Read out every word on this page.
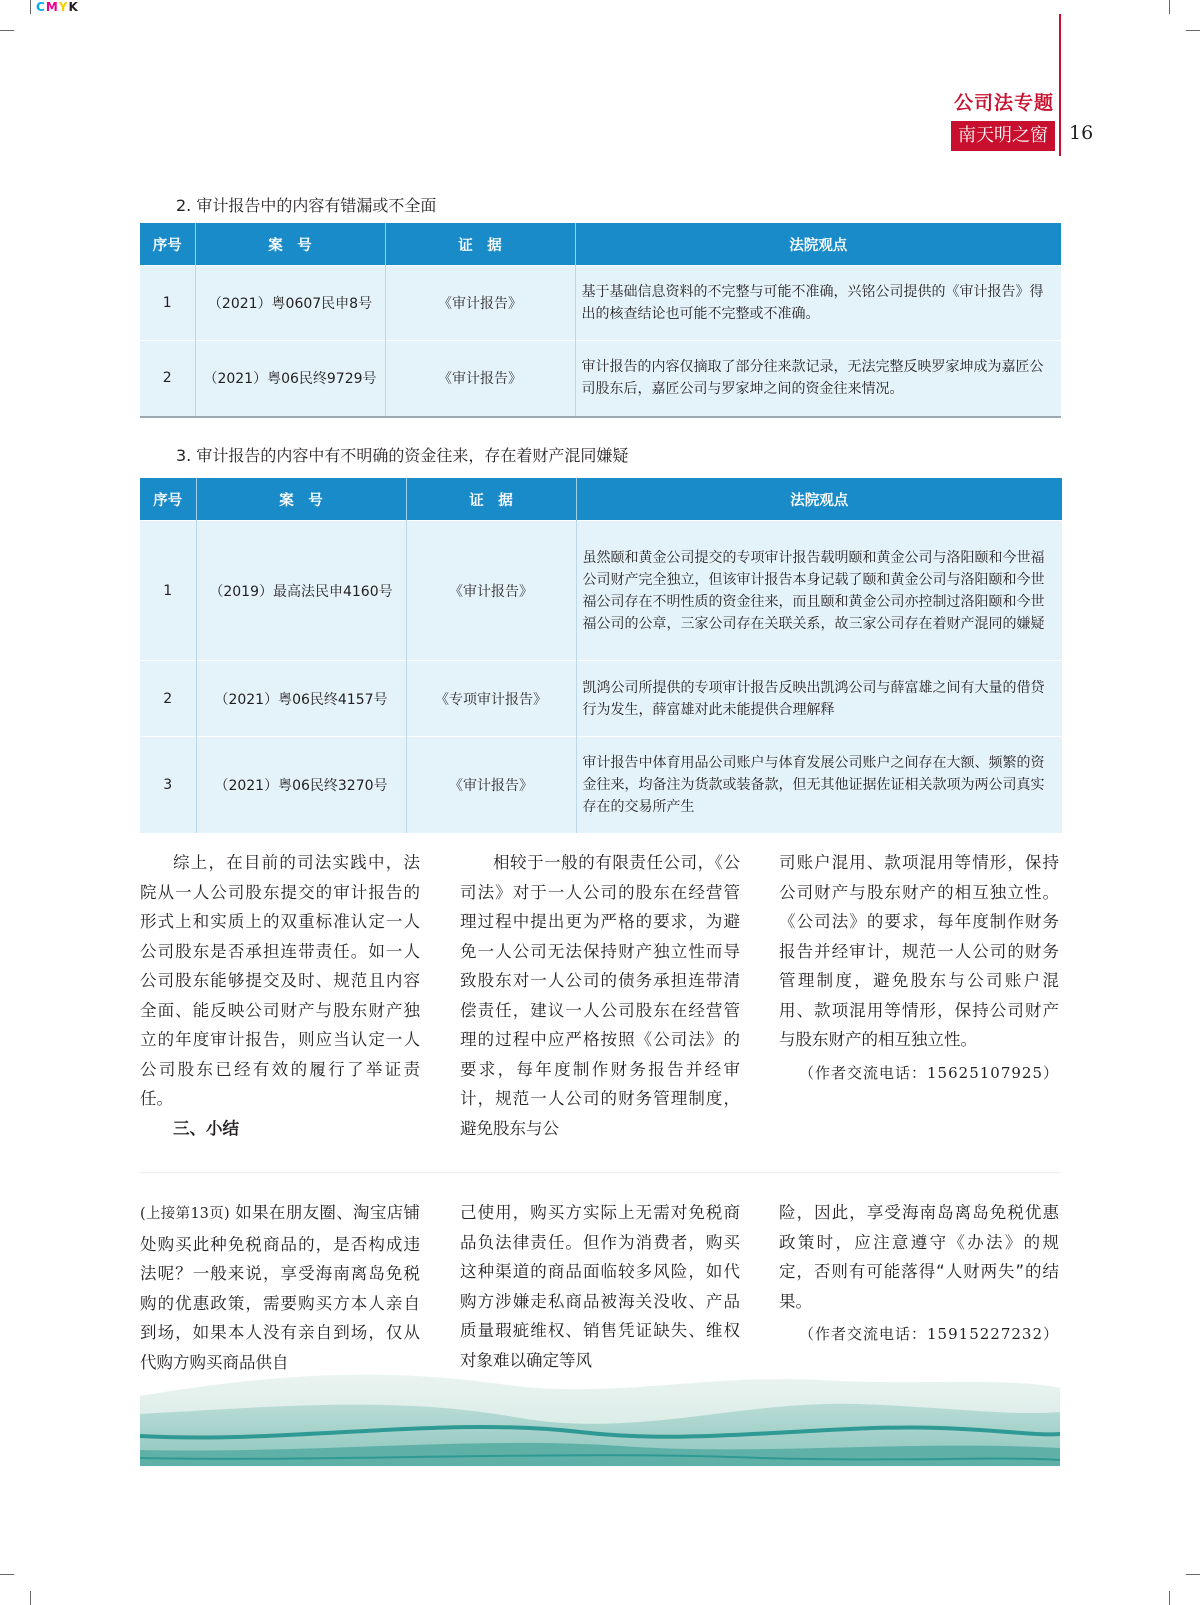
CMYK
公司法专题
南天明之窗	16
2. 审计报告中的内容有错漏或不全面
序号	案　号	证　据	法院观点
1	（2021）粤0607民申8号	《审计报告》	基于基础信息资料的不完整与可能不准确，兴铭公司提供的《审计报告》得出的核查结论也可能不完整或不准确。
2	（2021）粤06民终9729号	《审计报告》	审计报告的内容仅摘取了部分往来款记录，无法完整反映罗家坤成为嘉匠公司股东后，嘉匠公司与罗家坤之间的资金往来情况。
3. 审计报告的内容中有不明确的资金往来，存在着财产混同嫌疑
序号	案　号	证　据	法院观点
1	（2019）最高法民申4160号	《审计报告》	虽然颐和黄金公司提交的专项审计报告载明颐和黄金公司与洛阳颐和今世福公司财产完全独立，但该审计报告本身记载了颐和黄金公司与洛阳颐和今世福公司存在不明性质的资金往来，而且颐和黄金公司亦控制过洛阳颐和今世福公司的公章，三家公司存在关联关系，故三家公司存在着财产混同的嫌疑
2	（2021）粤06民终4157号	《专项审计报告》	凯鸿公司所提供的专项审计报告反映出凯鸿公司与薛富雄之间有大量的借贷行为发生，薛富雄对此未能提供合理解释
3	（2021）粤06民终3270号	《审计报告》	审计报告中体育用品公司账户与体育发展公司账户之间存在大额、频繁的资金往来，均备注为货款或装备款，但无其他证据佐证相关款项为两公司真实存在的交易所产生

综上，在目前的司法实践中，法院从一人公司股东提交的审计报告的形式上和实质上的双重标准认定一人公司股东是否承担连带责任。如一人公司股东能够提交及时、规范且内容全面、能反映公司财产与股东财产独立的年度审计报告，则应当认定一人公司股东已经有效的履行了举证责任。

三、小结

相较于一般的有限责任公司，《公司法》对于一人公司的股东在经营管理过程中提出更为严格的要求，为避免一人公司无法保持财产独立性而导致股东对一人公司的债务承担连带清偿责任，建议一人公司股东在经营管理的过程中应严格按照《公司法》的要求，每年度制作财务报告并经审计，规范一人公司的财务管理制度，避免股东与公

司账户混用、款项混用等情形，保持公司财产与股东财产的相互独立性。《公司法》的要求，每年度制作财务报告并经审计，规范一人公司的财务管理制度，避免股东与公司账户混用、款项混用等情形，保持公司财产与股东财产的相互独立性。

（作者交流电话：15625107925）

(上接第13页) 如果在朋友圈、淘宝店铺处购买此种免税商品的，是否构成违法呢？一般来说，享受海南离岛免税购的优惠政策，需要购买方本人亲自到场，如果本人没有亲自到场，仅从代购方购买商品供自

己使用，购买方实际上无需对免税商品负法律责任。但作为消费者，购买这种渠道的商品面临较多风险，如代购方涉嫌走私商品被海关没收、产品质量瑕疵维权、销售凭证缺失、维权对象难以确定等风

险，因此，享受海南岛离岛免税优惠政策时，应注意遵守《办法》的规定，否则有可能落得“人财两失”的结果。

（作者交流电话：15915227232）
